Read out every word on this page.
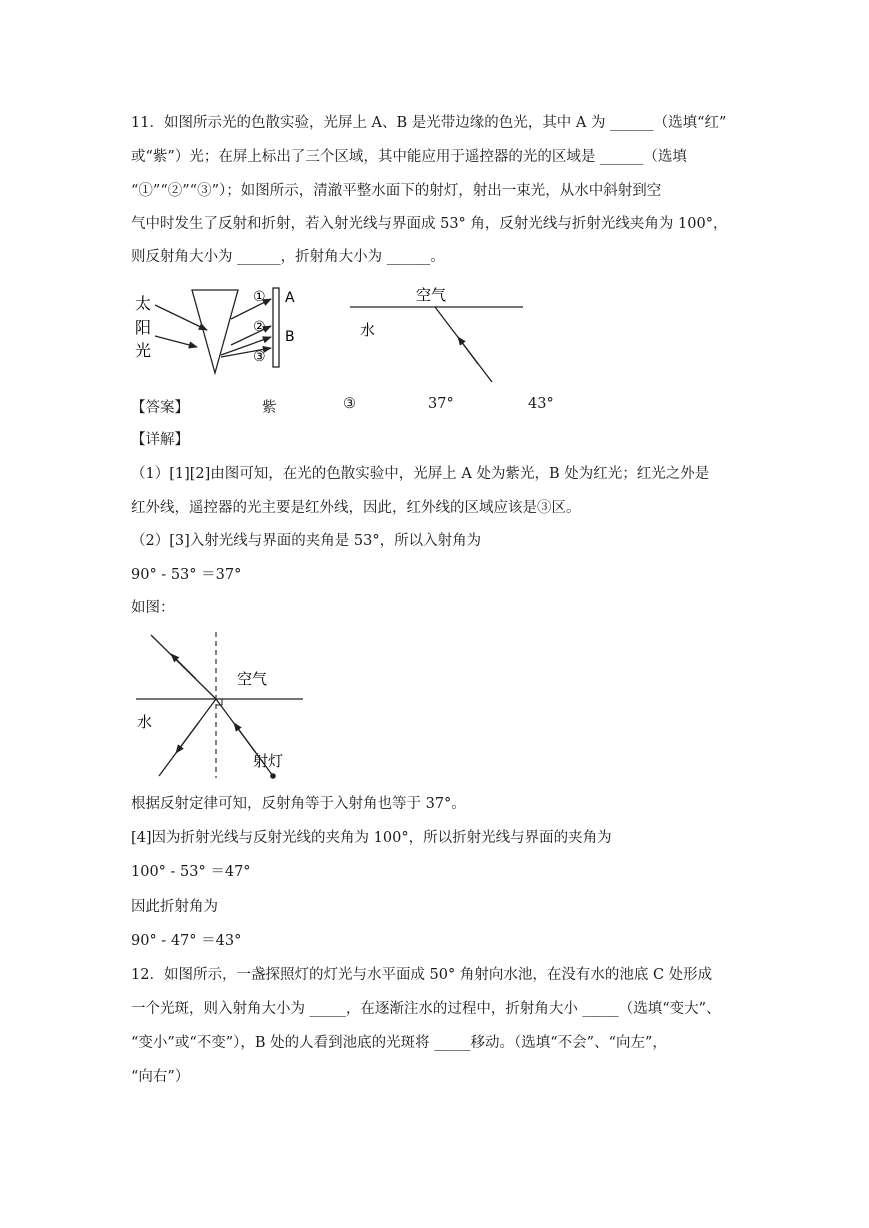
11．如图所示光的色散实验，光屏上 A、B 是光带边缘的色光，其中 A 为 ______（选填“红”
或“紫”）光；在屏上标出了三个区域，其中能应用于遥控器的光的区域是 ______（选填
“①”“②”“③”）；如图所示，清澈平整水面下的射灯，射出一束光，从水中斜射到空
气中时发生了反射和折射，若入射光线与界面成 53° 角，反射光线与折射光线夹角为 100°，
则反射角大小为 ______，折射角大小为 ______。
太
阳
光
①
②
③
A
B
空气
水
【答案】	紫	③	37°	43°
【详解】
（1）[1][2]由图可知，在光的色散实验中，光屏上 A 处为紫光，B 处为红光；红光之外是
红外线，遥控器的光主要是红外线，因此，红外线的区域应该是③区。
（2）[3]入射光线与界面的夹角是 53°，所以入射角为
90° - 53° ＝37°
如图：
空气
水
射灯
根据反射定律可知，反射角等于入射角也等于 37°。
[4]因为折射光线与反射光线的夹角为 100°，所以折射光线与界面的夹角为
100° - 53° ＝47°
因此折射角为
90° - 47° ＝43°
12．如图所示，一盏探照灯的灯光与水平面成 50° 角射向水池，在没有水的池底 C 处形成
一个光斑，则入射角大小为 _____，在逐渐注水的过程中，折射角大小 _____（选填“变大”、
“变小”或“不变”），B 处的人看到池底的光斑将 _____移动。（选填“不会”、“向左”，
“向右”）
